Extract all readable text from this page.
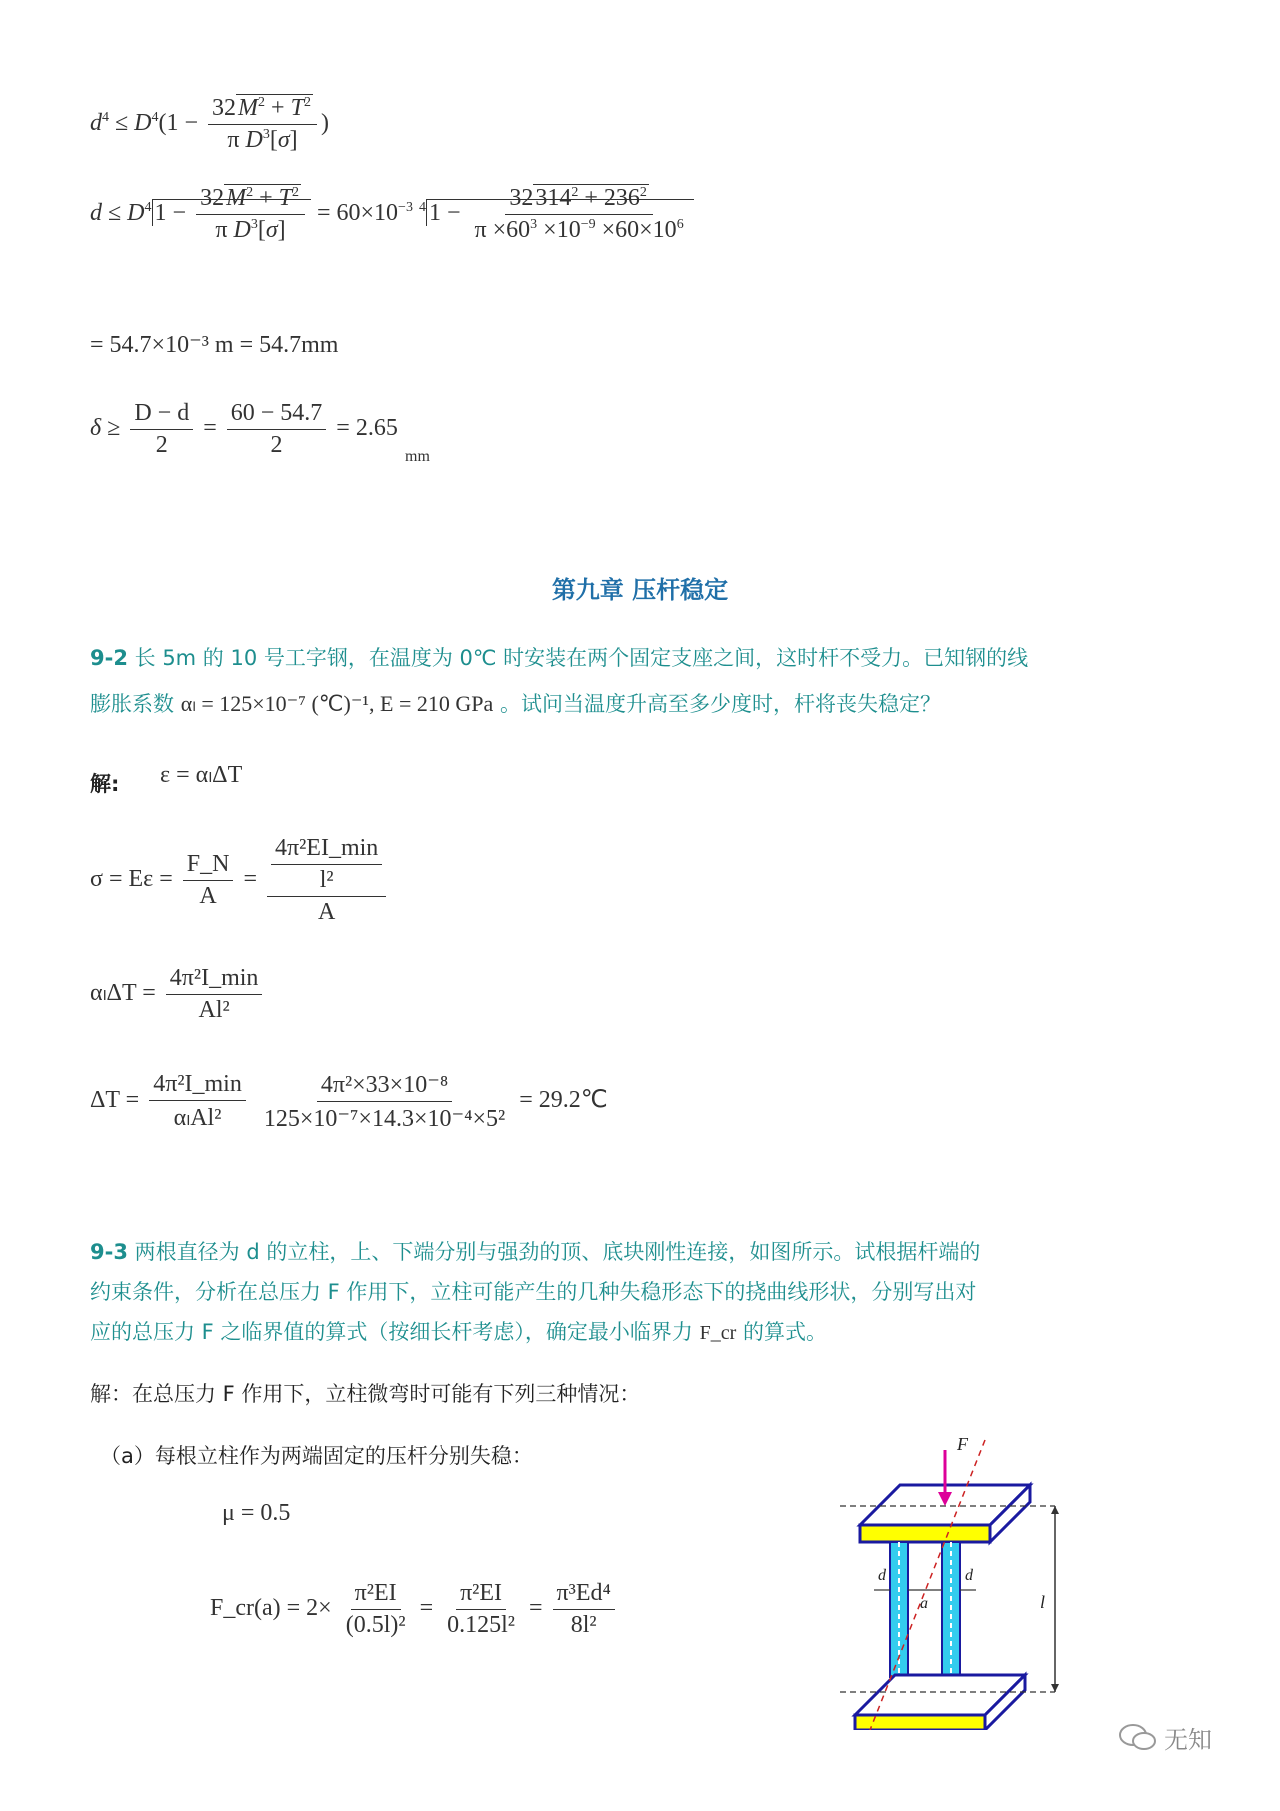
$d^4 \le D^4(1 - \frac{32M^2 + T^2}{\pi D^3[\sigma]}$ )
$d \le D^4$ $1 - \frac{32M^2 + T^2}{\pi D^3[\sigma]} = 60\times 10^{-3}$ $^4$ $1 - \frac{32314^2 + 236^2}{\pi \times 60^3 \times 10^{-9} \times 60\times 10^6}$
= 54.7×10⁻³ m = 54.7mm
$\delta \ge \frac{D - d}{2} = \frac{60 - 54.7}{2} = 2.65$
mm
第九章 压杆稳定
9-2 长 5m 的 10 号工字钢，在温度为 0℃ 时安装在两个固定支座之间，这时杆不受力。已知钢的线
膨胀系数 αₗ = 125×10⁻⁷ (℃)⁻¹, E = 210 GPa 。试问当温度升高至多少度时，杆将丧失稳定？
解: ε = αₗΔT
$\sigma = E\varepsilon = \frac{F\_N}{A} = \frac{\frac{\text{4π²EI\_min}}{\text{l²}}}{A}$
$\alpha_l\Delta T = \frac{\text{4π²I\_min}}{\text{Al²}}$
$\Delta T = \frac{\text{4π²I\_min}}{\text{αₗAl²}}$
$\frac{\text{4π²×33×10⁻⁸}}{\text{125×10⁻⁷×14.3×10⁻⁴×5²}}$ = 29.2℃
9-3 两根直径为 d 的立柱，上、下端分别与强劲的顶、底块刚性连接，如图所示。试根据杆端的
约束条件，分析在总压力 F 作用下，立柱可能产生的几种失稳形态下的挠曲线形状，分别写出对
应的总压力 F 之临界值的算式（按细长杆考虑），确定最小临界力 F_cr 的算式。
解：在总压力 F 作用下，立柱微弯时可能有下列三种情况：
（a）每根立柱作为两端固定的压杆分别失稳：
μ = 0.5
F_cr(a) = $2\times \frac{\text{π²EI}}{\text{(0.5l)²}} = \frac{\text{π²EI}}{\text{0.125l²}} = \frac{\text{π³Ed⁴}}{\text{8l²}}$
F
l
d	d
a
无知
